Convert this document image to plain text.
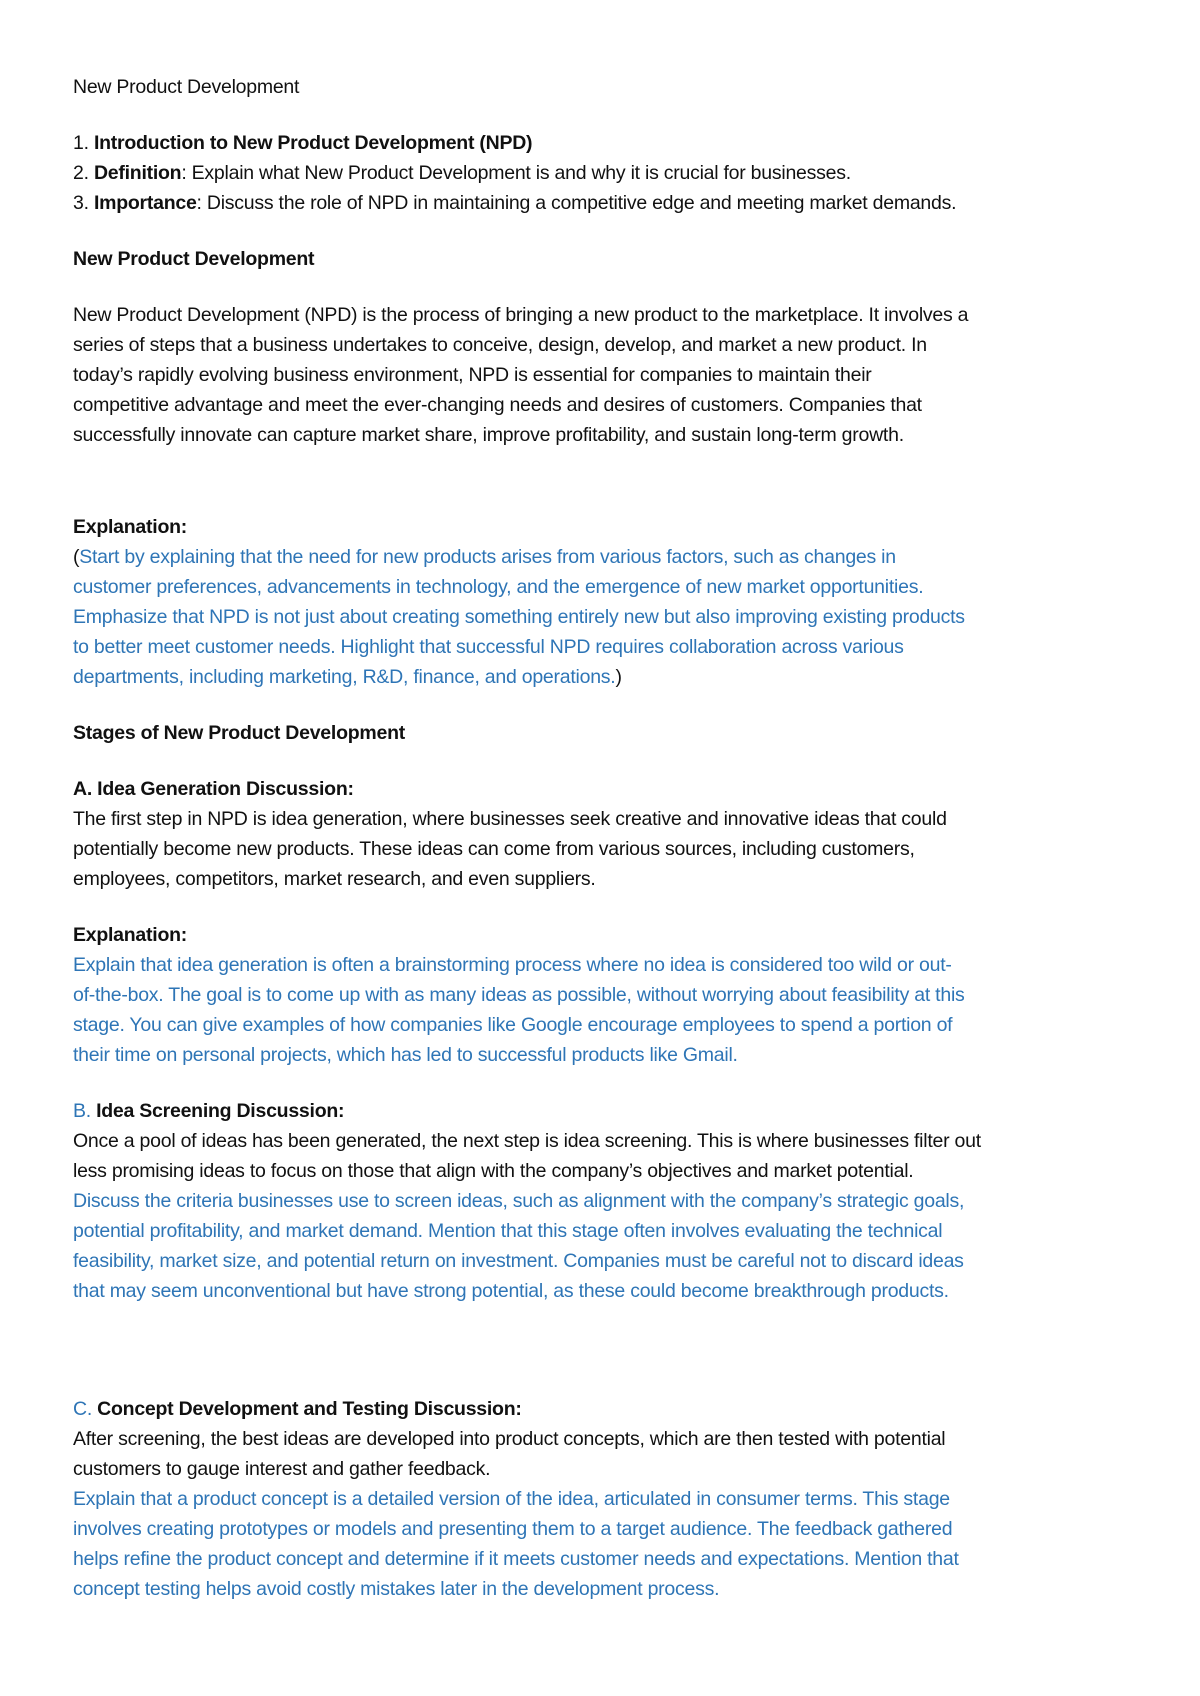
New Product Development

1. Introduction to New Product Development (NPD)
2. Definition: Explain what New Product Development is and why it is crucial for businesses.
3. Importance: Discuss the role of NPD in maintaining a competitive edge and meeting market demands.

New Product Development

New Product Development (NPD) is the process of bringing a new product to the marketplace. It involves a
series of steps that a business undertakes to conceive, design, develop, and market a new product. In
today’s rapidly evolving business environment, NPD is essential for companies to maintain their
competitive advantage and meet the ever-changing needs and desires of customers. Companies that
successfully innovate can capture market share, improve profitability, and sustain long-term growth.

Explanation:

(Start by explaining that the need for new products arises from various factors, such as changes in
customer preferences, advancements in technology, and the emergence of new market opportunities.
Emphasize that NPD is not just about creating something entirely new but also improving existing products
to better meet customer needs. Highlight that successful NPD requires collaboration across various
departments, including marketing, R&D, finance, and operations.)

Stages of New Product Development

A. Idea Generation Discussion:

The first step in NPD is idea generation, where businesses seek creative and innovative ideas that could
potentially become new products. These ideas can come from various sources, including customers,
employees, competitors, market research, and even suppliers.

Explanation:

Explain that idea generation is often a brainstorming process where no idea is considered too wild or out-
of-the-box. The goal is to come up with as many ideas as possible, without worrying about feasibility at this
stage. You can give examples of how companies like Google encourage employees to spend a portion of
their time on personal projects, which has led to successful products like Gmail.

B. Idea Screening Discussion:

Once a pool of ideas has been generated, the next step is idea screening. This is where businesses filter out
less promising ideas to focus on those that align with the company’s objectives and market potential.
Discuss the criteria businesses use to screen ideas, such as alignment with the company’s strategic goals,
potential profitability, and market demand. Mention that this stage often involves evaluating the technical
feasibility, market size, and potential return on investment. Companies must be careful not to discard ideas
that may seem unconventional but have strong potential, as these could become breakthrough products.

C. Concept Development and Testing Discussion:

After screening, the best ideas are developed into product concepts, which are then tested with potential
customers to gauge interest and gather feedback.
Explain that a product concept is a detailed version of the idea, articulated in consumer terms. This stage
involves creating prototypes or models and presenting them to a target audience. The feedback gathered
helps refine the product concept and determine if it meets customer needs and expectations. Mention that
concept testing helps avoid costly mistakes later in the development process.
